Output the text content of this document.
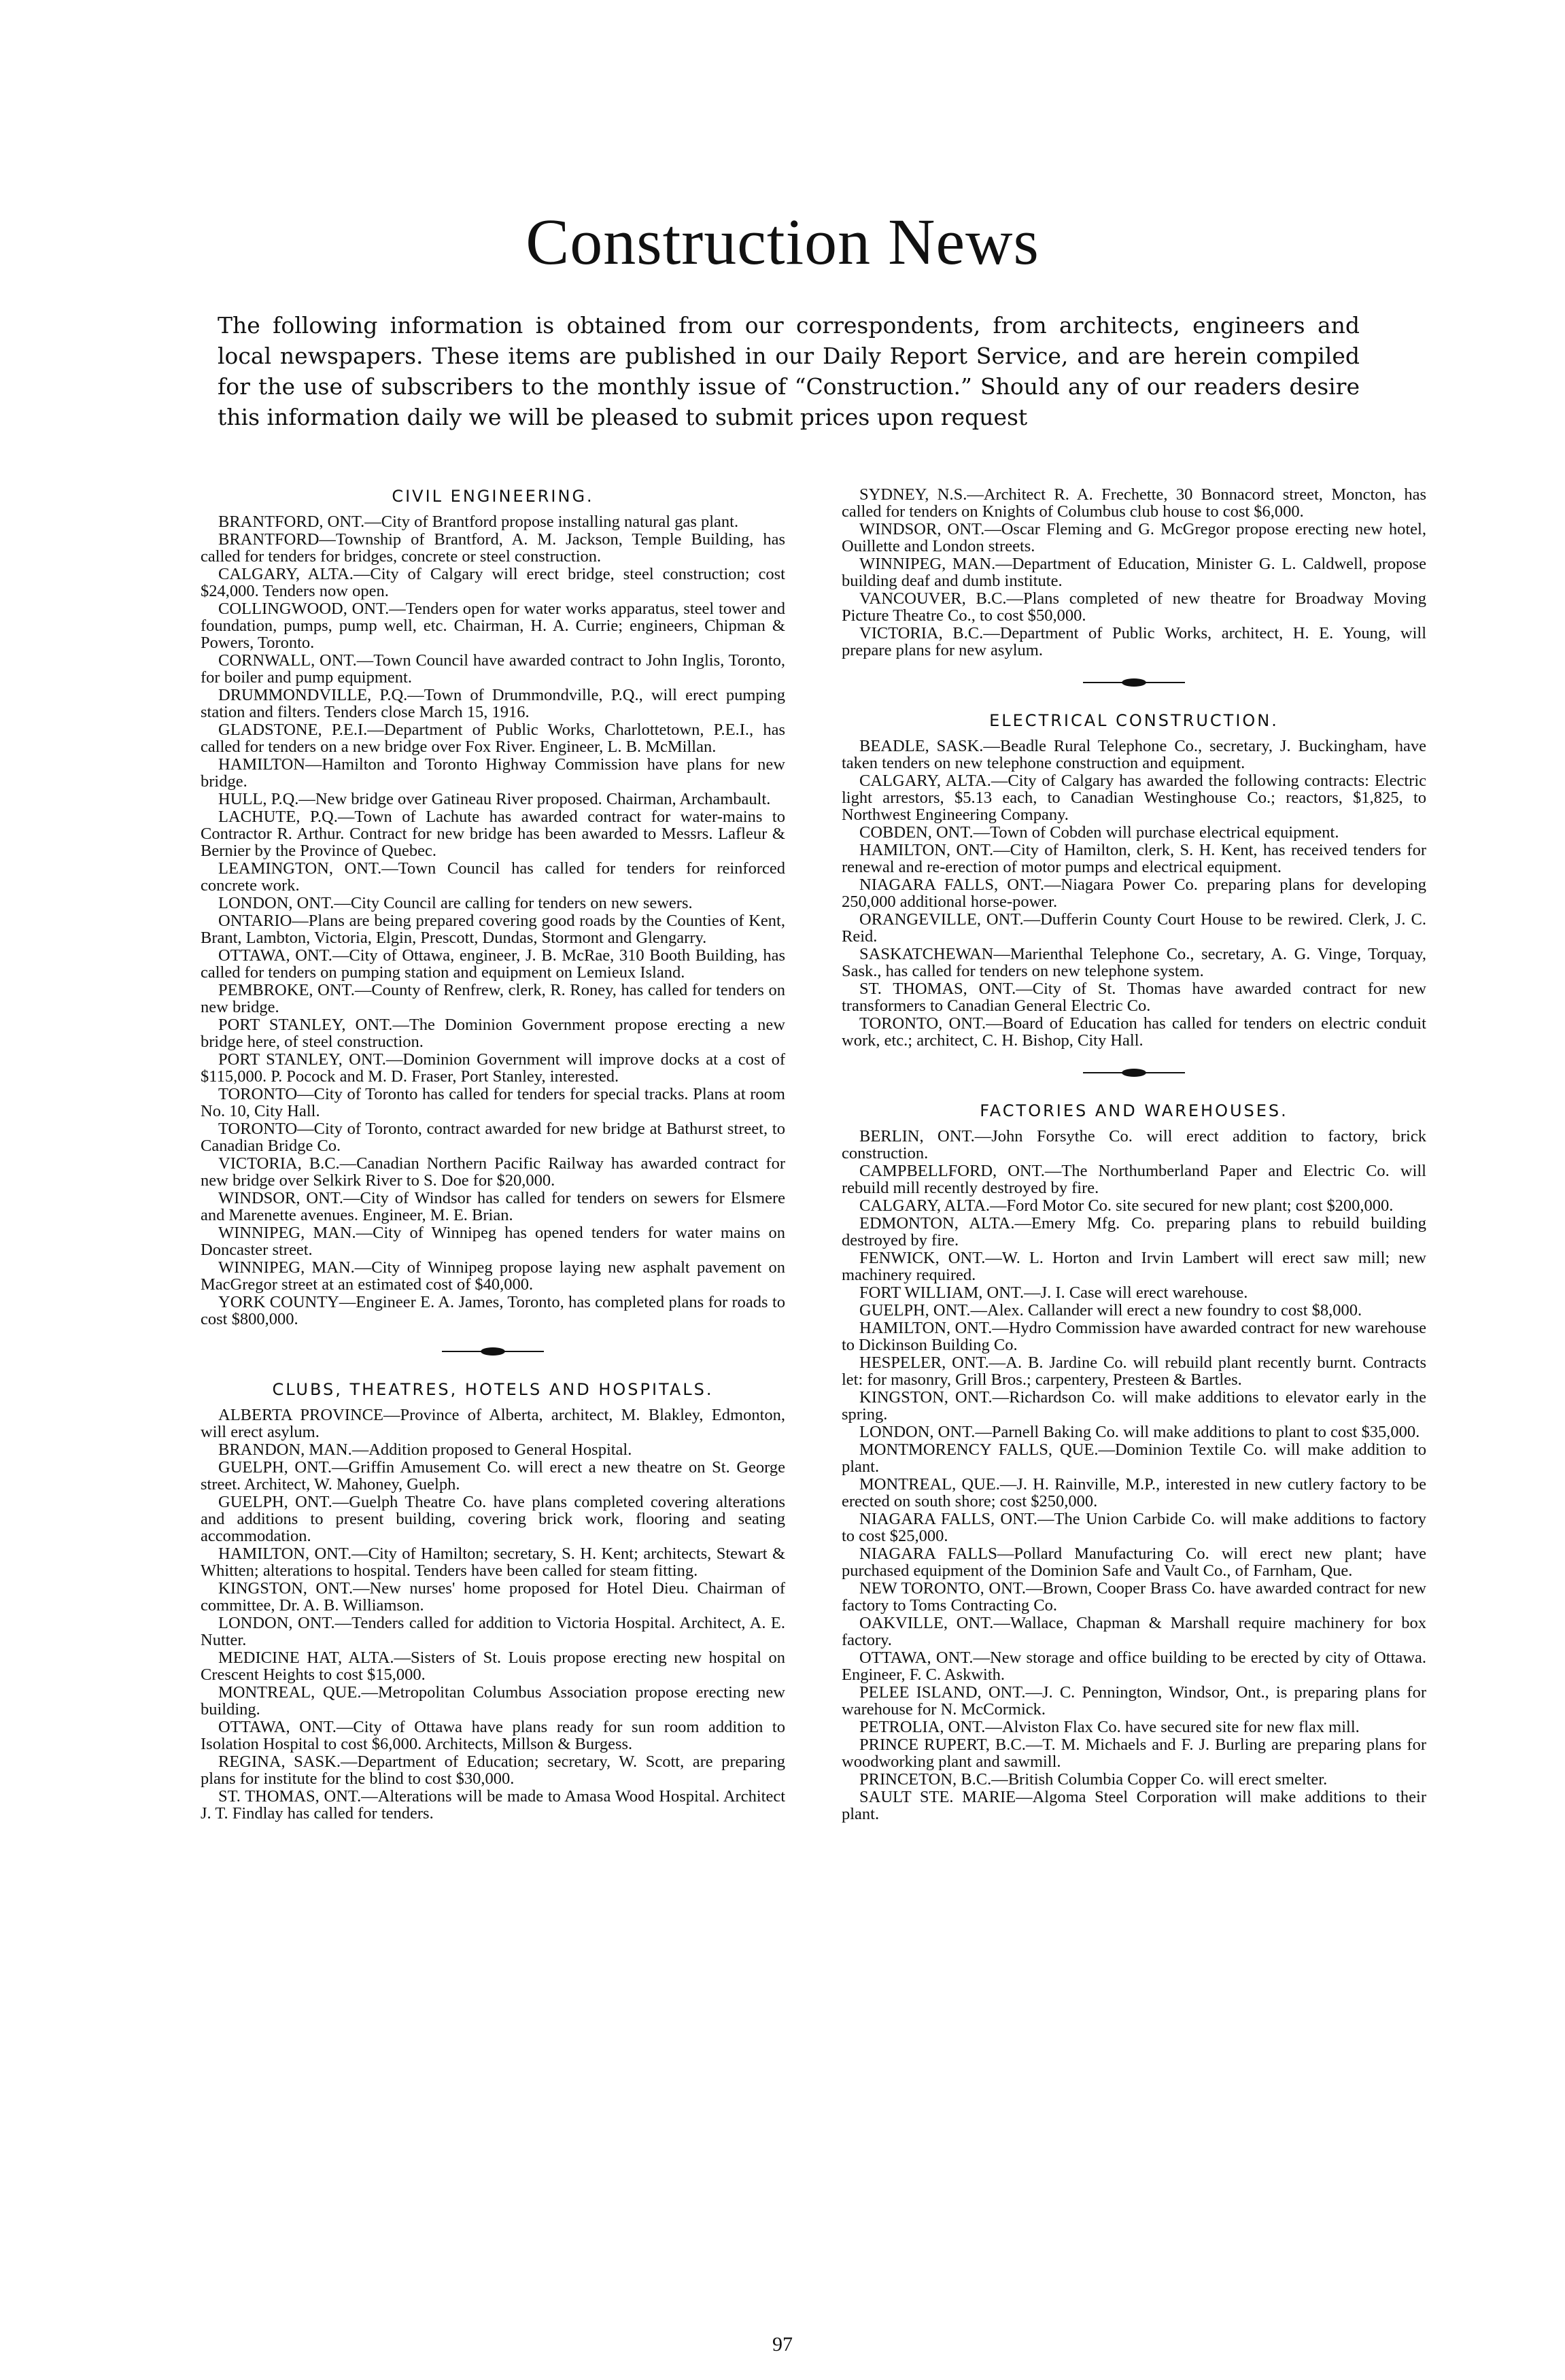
Construction News
The following information is obtained from our correspondents, from architects, engineers and local newspapers. These items are published in our Daily Report Service, and are herein compiled for the use of subscribers to the monthly issue of “Construction.” Should any of our readers desire this information daily we will be pleased to submit prices upon request
CIVIL ENGINEERING.

BRANTFORD, ONT.—City of Brantford propose installing natural gas plant.

BRANTFORD—Township of Brantford, A. M. Jackson, Temple Building, has called for tenders for bridges, concrete or steel construction.

CALGARY, ALTA.—City of Calgary will erect bridge, steel construction; cost $24,000. Tenders now open.

COLLINGWOOD, ONT.—Tenders open for water works apparatus, steel tower and foundation, pumps, pump well, etc. Chairman, H. A. Currie; engineers, Chipman & Powers, Toronto.

CORNWALL, ONT.—Town Council have awarded contract to John Inglis, Toronto, for boiler and pump equipment.

DRUMMONDVILLE, P.Q.—Town of Drummondville, P.Q., will erect pumping station and filters. Tenders close March 15, 1916.

GLADSTONE, P.E.I.—Department of Public Works, Charlottetown, P.E.I., has called for tenders on a new bridge over Fox River. Engineer, L. B. McMillan.

HAMILTON—Hamilton and Toronto Highway Commission have plans for new bridge.

HULL, P.Q.—New bridge over Gatineau River proposed. Chairman, Archambault.

LACHUTE, P.Q.—Town of Lachute has awarded contract for water-mains to Contractor R. Arthur. Contract for new bridge has been awarded to Messrs. Lafleur & Bernier by the Province of Quebec.

LEAMINGTON, ONT.—Town Council has called for tenders for reinforced concrete work.

LONDON, ONT.—City Council are calling for tenders on new sewers.

ONTARIO—Plans are being prepared covering good roads by the Counties of Kent, Brant, Lambton, Victoria, Elgin, Prescott, Dundas, Stormont and Glengarry.

OTTAWA, ONT.—City of Ottawa, engineer, J. B. McRae, 310 Booth Building, has called for tenders on pumping station and equipment on Lemieux Island.

PEMBROKE, ONT.—County of Renfrew, clerk, R. Roney, has called for tenders on new bridge.

PORT STANLEY, ONT.—The Dominion Government propose erecting a new bridge here, of steel construction.

PORT STANLEY, ONT.—Dominion Government will improve docks at a cost of $115,000. P. Pocock and M. D. Fraser, Port Stanley, interested.

TORONTO—City of Toronto has called for tenders for special tracks. Plans at room No. 10, City Hall.

TORONTO—City of Toronto, contract awarded for new bridge at Bathurst street, to Canadian Bridge Co.

VICTORIA, B.C.—Canadian Northern Pacific Railway has awarded contract for new bridge over Selkirk River to S. Doe for $20,000.

WINDSOR, ONT.—City of Windsor has called for tenders on sewers for Elsmere and Marenette avenues. Engineer, M. E. Brian.

WINNIPEG, MAN.—City of Winnipeg has opened tenders for water mains on Doncaster street.

WINNIPEG, MAN.—City of Winnipeg propose laying new asphalt pavement on MacGregor street at an estimated cost of $40,000.

YORK COUNTY—Engineer E. A. James, Toronto, has completed plans for roads to cost $800,000.

CLUBS, THEATRES, HOTELS AND HOSPITALS.

ALBERTA PROVINCE—Province of Alberta, architect, M. Blakley, Edmonton, will erect asylum.

BRANDON, MAN.—Addition proposed to General Hospital.

GUELPH, ONT.—Griffin Amusement Co. will erect a new theatre on St. George street. Architect, W. Mahoney, Guelph.

GUELPH, ONT.—Guelph Theatre Co. have plans completed covering alterations and additions to present building, covering brick work, flooring and seating accommodation.

HAMILTON, ONT.—City of Hamilton; secretary, S. H. Kent; architects, Stewart & Whitten; alterations to hospital. Tenders have been called for steam fitting.

KINGSTON, ONT.—New nurses' home proposed for Hotel Dieu. Chairman of committee, Dr. A. B. Williamson.

LONDON, ONT.—Tenders called for addition to Victoria Hospital. Architect, A. E. Nutter.

MEDICINE HAT, ALTA.—Sisters of St. Louis propose erecting new hospital on Crescent Heights to cost $15,000.

MONTREAL, QUE.—Metropolitan Columbus Association propose erecting new building.

OTTAWA, ONT.—City of Ottawa have plans ready for sun room addition to Isolation Hospital to cost $6,000. Architects, Millson & Burgess.

REGINA, SASK.—Department of Education; secretary, W. Scott, are preparing plans for institute for the blind to cost $30,000.

ST. THOMAS, ONT.—Alterations will be made to Amasa Wood Hospital. Architect J. T. Findlay has called for tenders.

SYDNEY, N.S.—Architect R. A. Frechette, 30 Bonnacord street, Moncton, has called for tenders on Knights of Columbus club house to cost $6,000.

WINDSOR, ONT.—Oscar Fleming and G. McGregor propose erecting new hotel, Ouillette and London streets.

WINNIPEG, MAN.—Department of Education, Minister G. L. Caldwell, propose building deaf and dumb institute.

VANCOUVER, B.C.—Plans completed of new theatre for Broadway Moving Picture Theatre Co., to cost $50,000.

VICTORIA, B.C.—Department of Public Works, architect, H. E. Young, will prepare plans for new asylum.

ELECTRICAL CONSTRUCTION.

BEADLE, SASK.—Beadle Rural Telephone Co., secretary, J. Buckingham, have taken tenders on new telephone construction and equipment.

CALGARY, ALTA.—City of Calgary has awarded the following contracts: Electric light arrestors, $5.13 each, to Canadian Westinghouse Co.; reactors, $1,825, to Northwest Engineering Company.

COBDEN, ONT.—Town of Cobden will purchase electrical equipment.

HAMILTON, ONT.—City of Hamilton, clerk, S. H. Kent, has received tenders for renewal and re-erection of motor pumps and electrical equipment.

NIAGARA FALLS, ONT.—Niagara Power Co. preparing plans for developing 250,000 additional horse-power.

ORANGEVILLE, ONT.—Dufferin County Court House to be rewired. Clerk, J. C. Reid.

SASKATCHEWAN—Marienthal Telephone Co., secretary, A. G. Vinge, Torquay, Sask., has called for tenders on new telephone system.

ST. THOMAS, ONT.—City of St. Thomas have awarded contract for new transformers to Canadian General Electric Co.

TORONTO, ONT.—Board of Education has called for tenders on electric conduit work, etc.; architect, C. H. Bishop, City Hall.

FACTORIES AND WAREHOUSES.

BERLIN, ONT.—John Forsythe Co. will erect addition to factory, brick construction.

CAMPBELLFORD, ONT.—The Northumberland Paper and Electric Co. will rebuild mill recently destroyed by fire.

CALGARY, ALTA.—Ford Motor Co. site secured for new plant; cost $200,000.

EDMONTON, ALTA.—Emery Mfg. Co. preparing plans to rebuild building destroyed by fire.

FENWICK, ONT.—W. L. Horton and Irvin Lambert will erect saw mill; new machinery required.

FORT WILLIAM, ONT.—J. I. Case will erect warehouse.

GUELPH, ONT.—Alex. Callander will erect a new foundry to cost $8,000.

HAMILTON, ONT.—Hydro Commission have awarded contract for new warehouse to Dickinson Building Co.

HESPELER, ONT.—A. B. Jardine Co. will rebuild plant recently burnt. Contracts let: for masonry, Grill Bros.; carpentery, Presteen & Bartles.

KINGSTON, ONT.—Richardson Co. will make additions to elevator early in the spring.

LONDON, ONT.—Parnell Baking Co. will make additions to plant to cost $35,000.

MONTMORENCY FALLS, QUE.—Dominion Textile Co. will make addition to plant.

MONTREAL, QUE.—J. H. Rainville, M.P., interested in new cutlery factory to be erected on south shore; cost $250,000.

NIAGARA FALLS, ONT.—The Union Carbide Co. will make additions to factory to cost $25,000.

NIAGARA FALLS—Pollard Manufacturing Co. will erect new plant; have purchased equipment of the Dominion Safe and Vault Co., of Farnham, Que.

NEW TORONTO, ONT.—Brown, Cooper Brass Co. have awarded contract for new factory to Toms Contracting Co.

OAKVILLE, ONT.—Wallace, Chapman & Marshall require machinery for box factory.

OTTAWA, ONT.—New storage and office building to be erected by city of Ottawa. Engineer, F. C. Askwith.

PELEE ISLAND, ONT.—J. C. Pennington, Windsor, Ont., is preparing plans for warehouse for N. McCormick.

PETROLIA, ONT.—Alviston Flax Co. have secured site for new flax mill.

PRINCE RUPERT, B.C.—T. M. Michaels and F. J. Burling are preparing plans for woodworking plant and sawmill.

PRINCETON, B.C.—British Columbia Copper Co. will erect smelter.

SAULT STE. MARIE—Algoma Steel Corporation will make additions to their plant.

97
